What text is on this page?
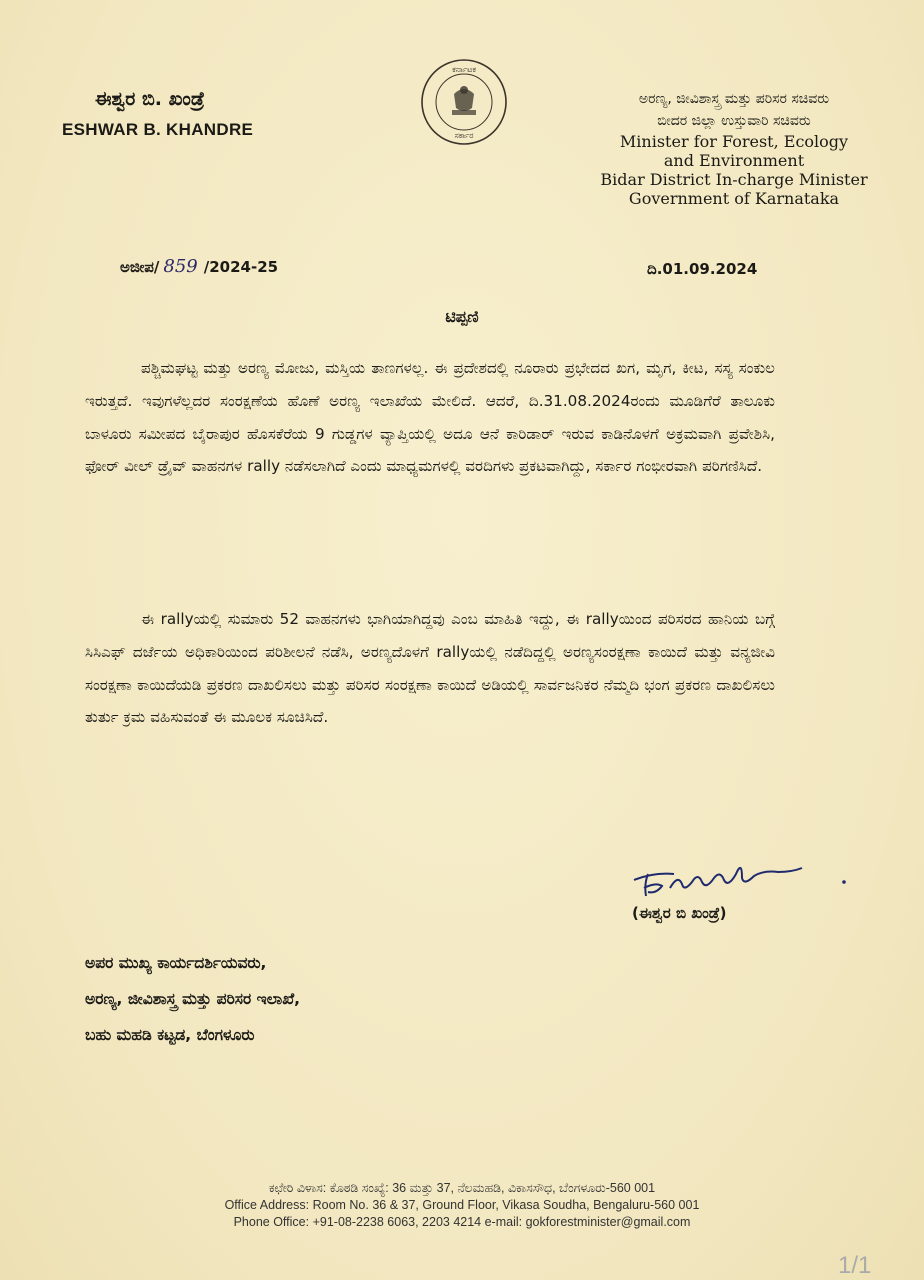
ಈಶ್ವರ ಬಿ. ಖಂಡ್ರೆ
ESHWAR B. KHANDRE
ಕರ್ನಾಟಕ
ಸರ್ಕಾರ
ಅರಣ್ಯ, ಜೀವಿಶಾಸ್ತ್ರ ಮತ್ತು ಪರಿಸರ ಸಚಿವರು
ಬೀದರ ಜಿಲ್ಲಾ ಉಸ್ತುವಾರಿ ಸಚಿವರು
Minister for Forest, Ecology
and Environment
Bidar District In-charge Minister
Government of Karnataka
ಅಜೀಪ/ 859 /2024-25	ದಿ.01.09.2024
ಟಿಪ್ಪಣಿ
ಪಶ್ಚಿಮಘಟ್ಟ ಮತ್ತು ಅರಣ್ಯ ಮೋಜು, ಮಸ್ತಿಯ ತಾಣಗಳಲ್ಲ. ಈ ಪ್ರದೇಶದಲ್ಲಿ ನೂರಾರು ಪ್ರಭೇದದ ಖಗ, ಮೃಗ, ಕೀಟ, ಸಸ್ಯ ಸಂಕುಲ ಇರುತ್ತದೆ. ಇವುಗಳೆಲ್ಲದರ ಸಂರಕ್ಷಣೆಯ ಹೊಣೆ ಅರಣ್ಯ ಇಲಾಖೆಯ ಮೇಲಿದೆ. ಆದರೆ, ದಿ.31.08.2024ರಂದು ಮೂಡಿಗೆರೆ ತಾಲೂಕು ಬಾಳೂರು ಸಮೀಪದ ಬೈರಾಪುರ ಹೊಸಕೆರೆಯ 9 ಗುಡ್ಡಗಳ ವ್ಯಾಪ್ತಿಯಲ್ಲಿ ಅದೂ ಆನೆ ಕಾರಿಡಾರ್ ಇರುವ ಕಾಡಿನೊಳಗೆ ಅಕ್ರಮವಾಗಿ ಪ್ರವೇಶಿಸಿ, ಫೋರ್ ವೀಲ್ ಡ್ರೈವ್ ವಾಹನಗಳ rally ನಡೆಸಲಾಗಿದೆ ಎಂದು ಮಾಧ್ಯಮಗಳಲ್ಲಿ ವರದಿಗಳು ಪ್ರಕಟವಾಗಿದ್ದು, ಸರ್ಕಾರ ಗಂಭೀರವಾಗಿ ಪರಿಗಣಿಸಿದೆ.
ಈ rallyಯಲ್ಲಿ ಸುಮಾರು 52 ವಾಹನಗಳು ಭಾಗಿಯಾಗಿದ್ದವು ಎಂಬ ಮಾಹಿತಿ ಇದ್ದು, ಈ rallyಯಿಂದ ಪರಿಸರದ ಹಾನಿಯ ಬಗ್ಗೆ ಸಿಸಿಎಫ್ ದರ್ಜೆಯ ಅಧಿಕಾರಿಯಿಂದ ಪರಿಶೀಲನೆ ನಡೆಸಿ, ಅರಣ್ಯದೊಳಗೆ rallyಯಲ್ಲಿ ನಡೆದಿದ್ದಲ್ಲಿ ಅರಣ್ಯಸಂರಕ್ಷಣಾ ಕಾಯಿದೆ ಮತ್ತು ವನ್ಯಜೀವಿ ಸಂರಕ್ಷಣಾ ಕಾಯಿದೆಯಡಿ ಪ್ರಕರಣ ದಾಖಲಿಸಲು ಮತ್ತು ಪರಿಸರ ಸಂರಕ್ಷಣಾ ಕಾಯಿದೆ ಅಡಿಯಲ್ಲಿ ಸಾರ್ವಜನಿಕರ ನೆಮ್ಮದಿ ಭಂಗ ಪ್ರಕರಣ ದಾಖಲಿಸಲು ತುರ್ತು ಕ್ರಮ ವಹಿಸುವಂತೆ ಈ ಮೂಲಕ ಸೂಚಿಸಿದೆ.
(ಈಶ್ವರ ಬಿ ಖಂಡ್ರೆ)
ಅಪರ ಮುಖ್ಯ ಕಾರ್ಯದರ್ಶಿಯವರು,
ಅರಣ್ಯ, ಜೀವಿಶಾಸ್ತ್ರ ಮತ್ತು ಪರಿಸರ ಇಲಾಖೆ,
ಬಹು ಮಹಡಿ ಕಟ್ಟಡ, ಬೆಂಗಳೂರು
ಕಛೇರಿ ವಿಳಾಸ: ಕೊಠಡಿ ಸಂಖ್ಯೆ: 36 ಮತ್ತು 37, ನೆಲಮಹಡಿ, ವಿಕಾಸಸೌಧ, ಬೆಂಗಳೂರು-560 001
Office Address: Room No. 36 & 37, Ground Floor, Vikasa Soudha, Bengaluru-560 001
Phone Office: +91-08-2238 6063, 2203 4214 e-mail: gokforestminister@gmail.com
1/1
